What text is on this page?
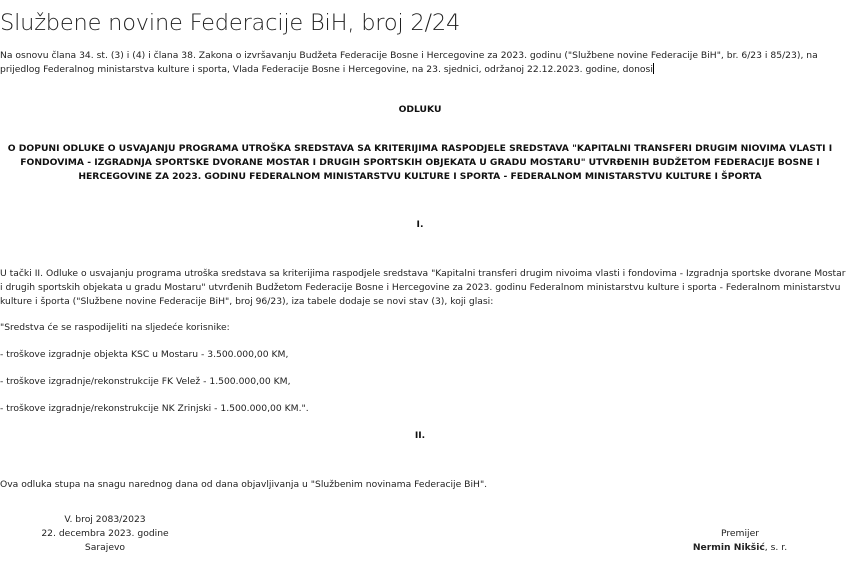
Službene novine Federacije BiH, broj 2/24
Na osnovu člana 34. st. (3) i (4) i člana 38. Zakona o izvršavanju Budžeta Federacije Bosne i Hercegovine za 2023. godinu ("Službene novine Federacije BiH", br. 6/23 i 85/23), na prijedlog Federalnog ministarstva kulture i sporta, Vlada Federacije Bosne i Hercegovine, na 23. sjednici, održanoj 22.12.2023. godine, donosi
ODLUKU
O DOPUNI ODLUKE O USVAJANJU PROGRAMA UTROŠKA SREDSTAVA SA KRITERIJIMA RASPODJELE SREDSTAVA "KAPITALNI TRANSFERI DRUGIM NIOVIMA VLASTI I FONDOVIMA - IZGRADNJA SPORTSKE DVORANE MOSTAR I DRUGIH SPORTSKIH OBJEKATA U GRADU MOSTARU" UTVRĐENIH BUDŽETOM FEDERACIJE BOSNE I HERCEGOVINE ZA 2023. GODINU FEDERALNOM MINISTARSTVU KULTURE I SPORTA - FEDERALNOM MINISTARSTVU KULTURE I ŠPORTA
I.
U tački II. Odluke o usvajanju programa utroška sredstava sa kriterijima raspodjele sredstava "Kapitalni transferi drugim nivoima vlasti i fondovima - Izgradnja sportske dvorane Mostar i drugih sportskih objekata u gradu Mostaru" utvrđenih Budžetom Federacije Bosne i Hercegovine za 2023. godinu Federalnom ministarstvu kulture i sporta - Federalnom ministarstvu kulture i športa ("Službene novine Federacije BiH", broj 96/23), iza tabele dodaje se novi stav (3), koji glasi:
"Sredstva će se raspodijeliti na sljedeće korisnike:
- troškove izgradnje objekta KSC u Mostaru - 3.500.000,00 KM,
- troškove izgradnje/rekonstrukcije FK Velež - 1.500.000,00 KM,
- troškove izgradnje/rekonstrukcije NK Zrinjski - 1.500.000,00 KM.".
II.
Ova odluka stupa na snagu narednog dana od dana objavljivanja u "Službenim novinama Federacije BiH".
V. broj 2083/2023
22. decembra 2023. godine
Sarajevo
Premijer
Nermin Nikšić, s. r.
